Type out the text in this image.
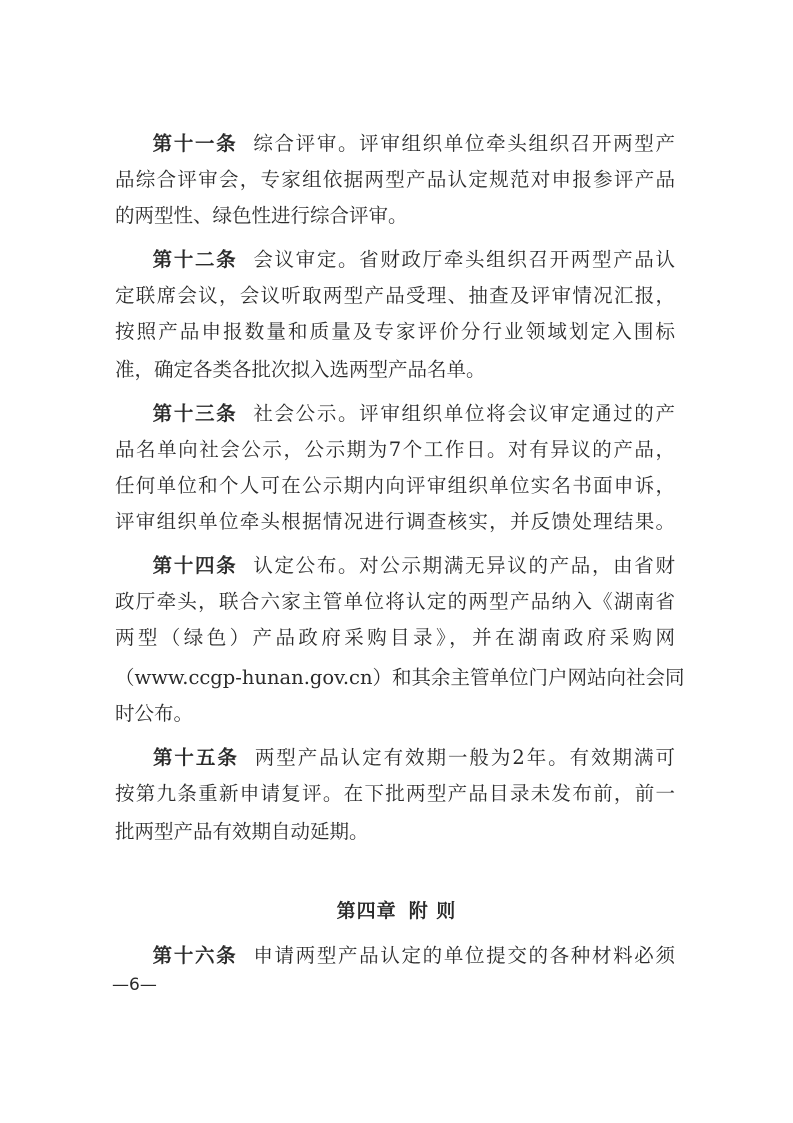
第十一条 综合评审。评审组织单位牵头组织召开两型产
品综合评审会，专家组依据两型产品认定规范对申报参评产品
的两型性、绿色性进行综合评审。
第十二条 会议审定。省财政厅牵头组织召开两型产品认
定联席会议，会议听取两型产品受理、抽查及评审情况汇报，
按照产品申报数量和质量及专家评价分行业领域划定入围标
准，确定各类各批次拟入选两型产品名单。
第十三条 社会公示。评审组织单位将会议审定通过的产
品名单向社会公示，公示期为7个工作日。对有异议的产品，
任何单位和个人可在公示期内向评审组织单位实名书面申诉，
评审组织单位牵头根据情况进行调查核实，并反馈处理结果。
第十四条 认定公布。对公示期满无异议的产品，由省财
政厅牵头，联合六家主管单位将认定的两型产品纳入《湖南省
两型（绿色）产品政府采购目录》，并在湖南政府采购网
（www.ccgp-hunan.gov.cn）和其余主管单位门户网站向社会同
时公布。
第十五条 两型产品认定有效期一般为2年。有效期满可
按第九条重新申请复评。在下批两型产品目录未发布前，前一
批两型产品有效期自动延期。
第四章 附 则
第十六条 申请两型产品认定的单位提交的各种材料必须
—6—
